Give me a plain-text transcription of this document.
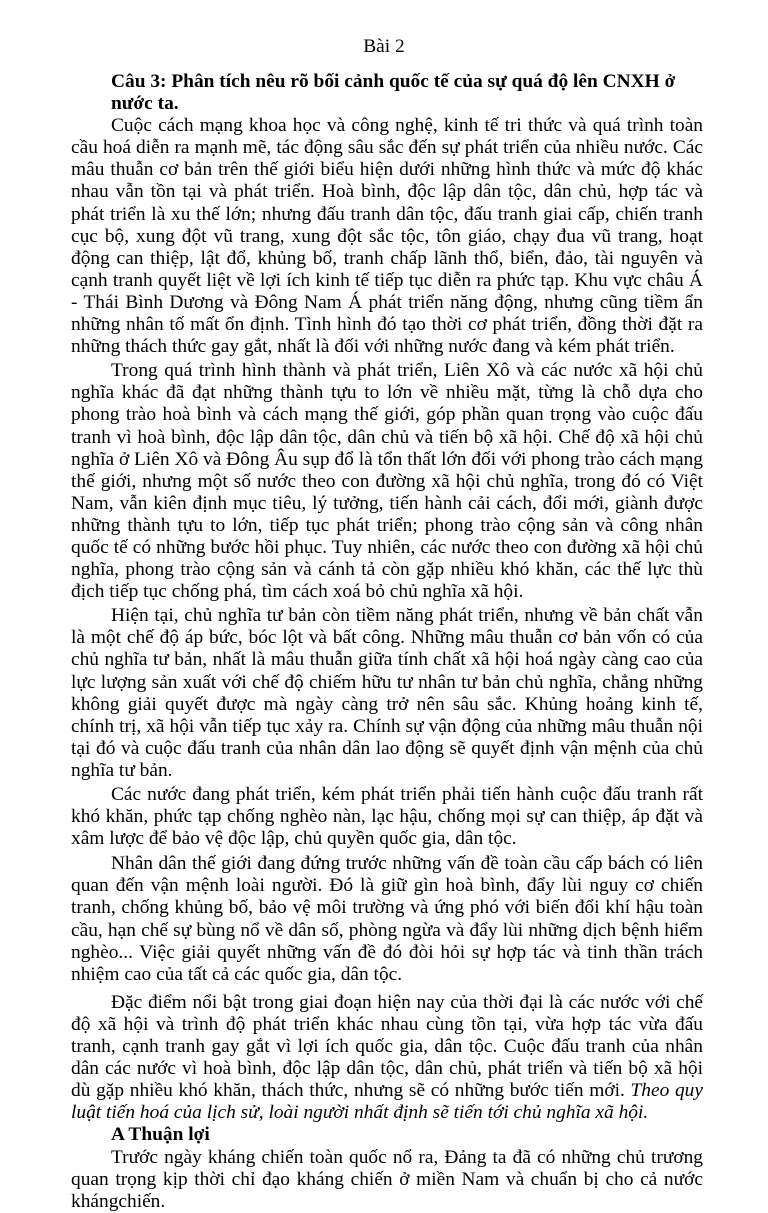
Bài 2
Câu 3: Phân tích nêu rõ bối cảnh quốc tế của sự quá độ lên CNXH ở nước ta.

Cuộc cách mạng khoa học và công nghệ, kinh tế tri thức và quá trình toàn cầu hoá diễn ra mạnh mẽ, tác động sâu sắc đến sự phát triển của nhiều nước. Các mâu thuẫn cơ bản trên thế giới biểu hiện dưới những hình thức và mức độ khác nhau vẫn tồn tại và phát triển. Hoà bình, độc lập dân tộc, dân chủ, hợp tác và phát triển là xu thế lớn; nhưng đấu tranh dân tộc, đấu tranh giai cấp, chiến tranh cục bộ, xung đột vũ trang, xung đột sắc tộc, tôn giáo, chạy đua vũ trang, hoạt động can thiệp, lật đổ, khủng bố, tranh chấp lãnh thổ, biển, đảo, tài nguyên và cạnh tranh quyết liệt về lợi ích kinh tế tiếp tục diễn ra phức tạp. Khu vực châu Á - Thái Bình Dương và Đông Nam Á phát triển năng động, nhưng cũng tiềm ẩn những nhân tố mất ổn định. Tình hình đó tạo thời cơ phát triển, đồng thời đặt ra những thách thức gay gắt, nhất là đối với những nước đang và kém phát triển.

Trong quá trình hình thành và phát triển, Liên Xô và các nước xã hội chủ nghĩa khác đã đạt những thành tựu to lớn về nhiều mặt, từng là chỗ dựa cho phong trào hoà bình và cách mạng thế giới, góp phần quan trọng vào cuộc đấu tranh vì hoà bình, độc lập dân tộc, dân chủ và tiến bộ xã hội. Chế độ xã hội chủ nghĩa ở Liên Xô và Đông Âu sụp đổ là tổn thất lớn đối với phong trào cách mạng thế giới, nhưng một số nước theo con đường xã hội chủ nghĩa, trong đó có Việt Nam, vẫn kiên định mục tiêu, lý tưởng, tiến hành cải cách, đổi mới, giành được những thành tựu to lớn, tiếp tục phát triển; phong trào cộng sản và công nhân quốc tế có những bước hồi phục. Tuy nhiên, các nước theo con đường xã hội chủ nghĩa, phong trào cộng sản và cánh tả còn gặp nhiều khó khăn, các thế lực thù địch tiếp tục chống phá, tìm cách xoá bỏ chủ nghĩa xã hội.

Hiện tại, chủ nghĩa tư bản còn tiềm năng phát triển, nhưng về bản chất vẫn là một chế độ áp bức, bóc lột và bất công. Những mâu thuẫn cơ bản vốn có của chủ nghĩa tư bản, nhất là mâu thuẫn giữa tính chất xã hội hoá ngày càng cao của lực lượng sản xuất với chế độ chiếm hữu tư nhân tư bản chủ nghĩa, chẳng những không giải quyết được mà ngày càng trở nên sâu sắc. Khủng hoảng kinh tế, chính trị, xã hội vẫn tiếp tục xảy ra. Chính sự vận động của những mâu thuẫn nội tại đó và cuộc đấu tranh của nhân dân lao động sẽ quyết định vận mệnh của chủ nghĩa tư bản.

Các nước đang phát triển, kém phát triển phải tiến hành cuộc đấu tranh rất khó khăn, phức tạp chống nghèo nàn, lạc hậu, chống mọi sự can thiệp, áp đặt và xâm lược để bảo vệ độc lập, chủ quyền quốc gia, dân tộc.

Nhân dân thế giới đang đứng trước những vấn đề toàn cầu cấp bách có liên quan đến vận mệnh loài người. Đó là giữ gìn hoà bình, đẩy lùi nguy cơ chiến tranh, chống khủng bố, bảo vệ môi trường và ứng phó với biến đổi khí hậu toàn cầu, hạn chế sự bùng nổ về dân số, phòng ngừa và đẩy lùi những dịch bệnh hiểm nghèo... Việc giải quyết những vấn đề đó đòi hỏi sự hợp tác và tinh thần trách nhiệm cao của tất cả các quốc gia, dân tộc.

Đặc điểm nổi bật trong giai đoạn hiện nay của thời đại là các nước với chế độ xã hội và trình độ phát triển khác nhau cùng tồn tại, vừa hợp tác vừa đấu tranh, cạnh tranh gay gắt vì lợi ích quốc gia, dân tộc. Cuộc đấu tranh của nhân dân các nước vì hoà bình, độc lập dân tộc, dân chủ, phát triển và tiến bộ xã hội dù gặp nhiều khó khăn, thách thức, nhưng sẽ có những bước tiến mới. Theo quy luật tiến hoá của lịch sử, loài người nhất định sẽ tiến tới chủ nghĩa xã hội.

A Thuận lợi

Trước ngày kháng chiến toàn quốc nổ ra, Đảng ta đã có những chủ trương quan trọng kịp thời chỉ đạo kháng chiến ở miền Nam và chuẩn bị cho cả nước khángchiến.
